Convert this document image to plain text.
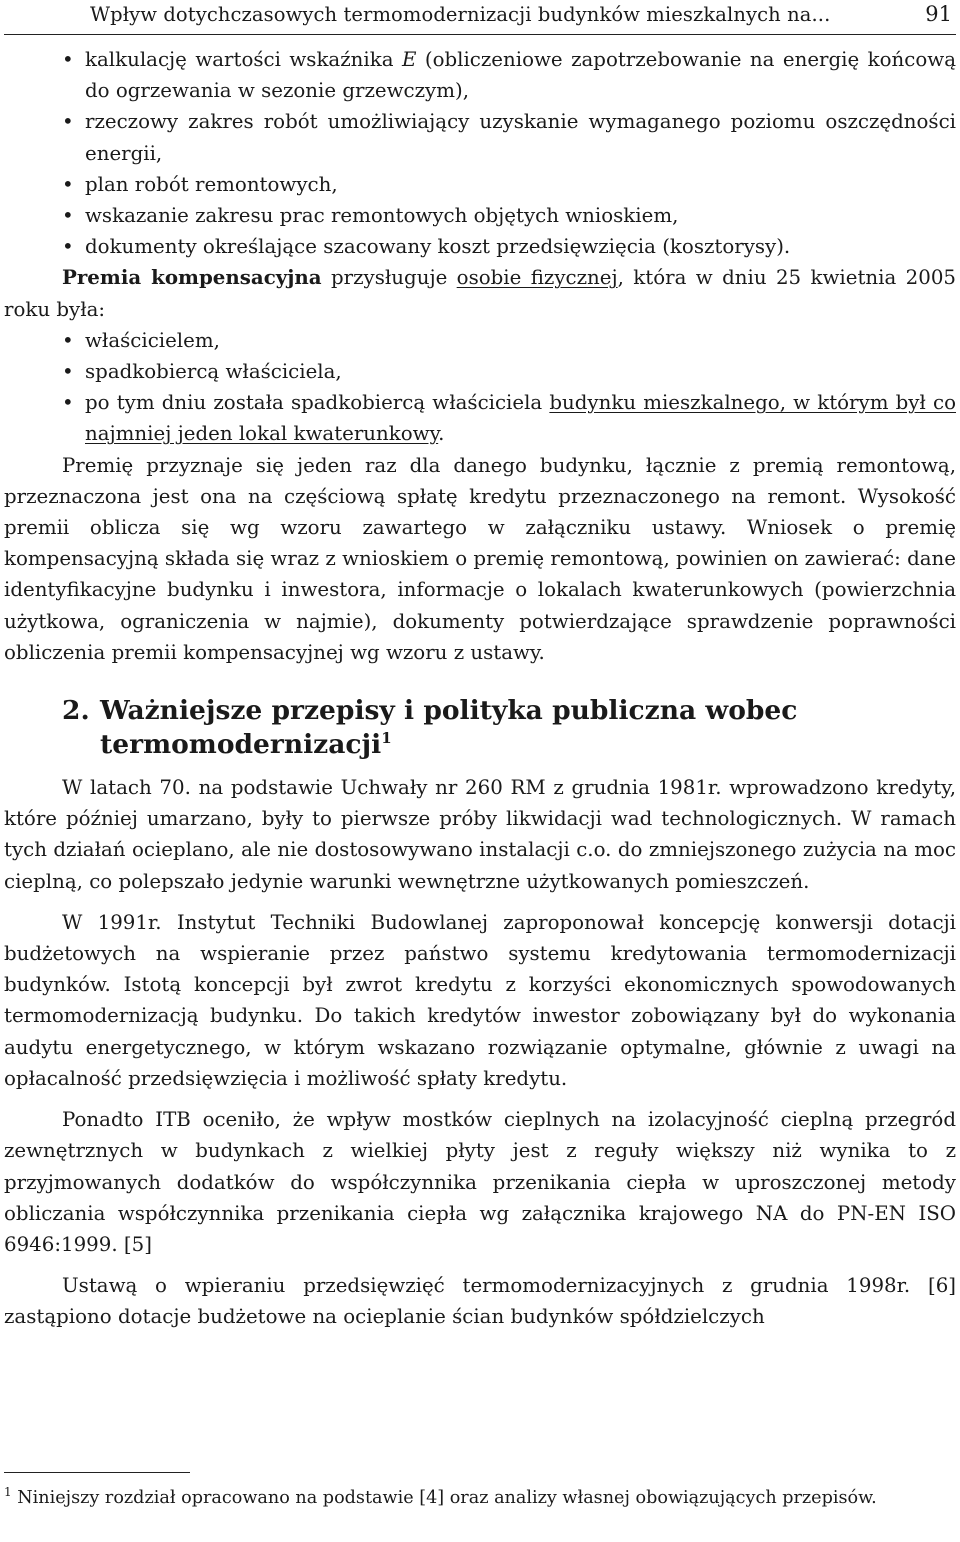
Wpływ dotychczasowych termomodernizacji budynków mieszkalnych na...	91
• kalkulację wartości wskaźnika E (obliczeniowe zapotrzebowanie na energię końcową do ogrzewania w sezonie grzewczym),
• rzeczowy zakres robót umożliwiający uzyskanie wymaganego poziomu oszczędności energii,
• plan robót remontowych,
• wskazanie zakresu prac remontowych objętych wnioskiem,
• dokumenty określające szacowany koszt przedsięwzięcia (kosztorysy).

Premia kompensacyjna przysługuje osobie fizycznej, która w dniu 25 kwietnia 2005 roku była:

• właścicielem,
• spadkobiercą właściciela,
• po tym dniu została spadkobiercą właściciela budynku mieszkalnego, w którym był co najmniej jeden lokal kwaterunkowy.

Premię przyznaje się jeden raz dla danego budynku, łącznie z premią remontową, przeznaczona jest ona na częściową spłatę kredytu przeznaczonego na remont. Wysokość premii oblicza się wg wzoru zawartego w załączniku ustawy. Wniosek o premię kompensacyjną składa się wraz z wnioskiem o premię remontową, powinien on zawierać: dane identyfikacyjne budynku i inwestora, informacje o lokalach kwaterunkowych (powierzchnia użytkowa, ograniczenia w najmie), dokumenty potwierdzające sprawdzenie poprawności obliczenia premii kompensacyjnej wg wzoru z ustawy.

2. Ważniejsze przepisy i polityka publiczna wobec termomodernizacji$^1$

W latach 70. na podstawie Uchwały nr 260 RM z grudnia 1981r. wprowadzono kredyty, które później umarzano, były to pierwsze próby likwidacji wad technologicznych. W ramach tych działań ocieplano, ale nie dostosowywano instalacji c.o. do zmniejszonego zużycia na moc cieplną, co polepszało jedynie warunki wewnętrzne użytkowanych pomieszczeń.

W 1991r. Instytut Techniki Budowlanej zaproponował koncepcję konwersji dotacji budżetowych na wspieranie przez państwo systemu kredytowania termomodernizacji budynków. Istotą koncepcji był zwrot kredytu z korzyści ekonomicznych spowodowanych termomodernizacją budynku. Do takich kredytów inwestor zobowiązany był do wykonania audytu energetycznego, w którym wskazano rozwiązanie optymalne, głównie z uwagi na opłacalność przedsięwzięcia i możliwość spłaty kredytu.

Ponadto ITB oceniło, że wpływ mostków cieplnych na izolacyjność cieplną przegród zewnętrznych w budynkach z wielkiej płyty jest z reguły większy niż wynika to z przyjmowanych dodatków do współczynnika przenikania ciepła w uproszczonej metody obliczania współczynnika przenikania ciepła wg załącznika krajowego NA do PN-EN ISO 6946:1999. [5]

Ustawą o wpieraniu przedsięwzięć termomodernizacyjnych z grudnia 1998r. [6] zastąpiono dotacje budżetowe na ocieplanie ścian budynków spółdzielczych

$^1$ Niniejszy rozdział opracowano na podstawie [4] oraz analizy własnej obowiązujących przepisów.
